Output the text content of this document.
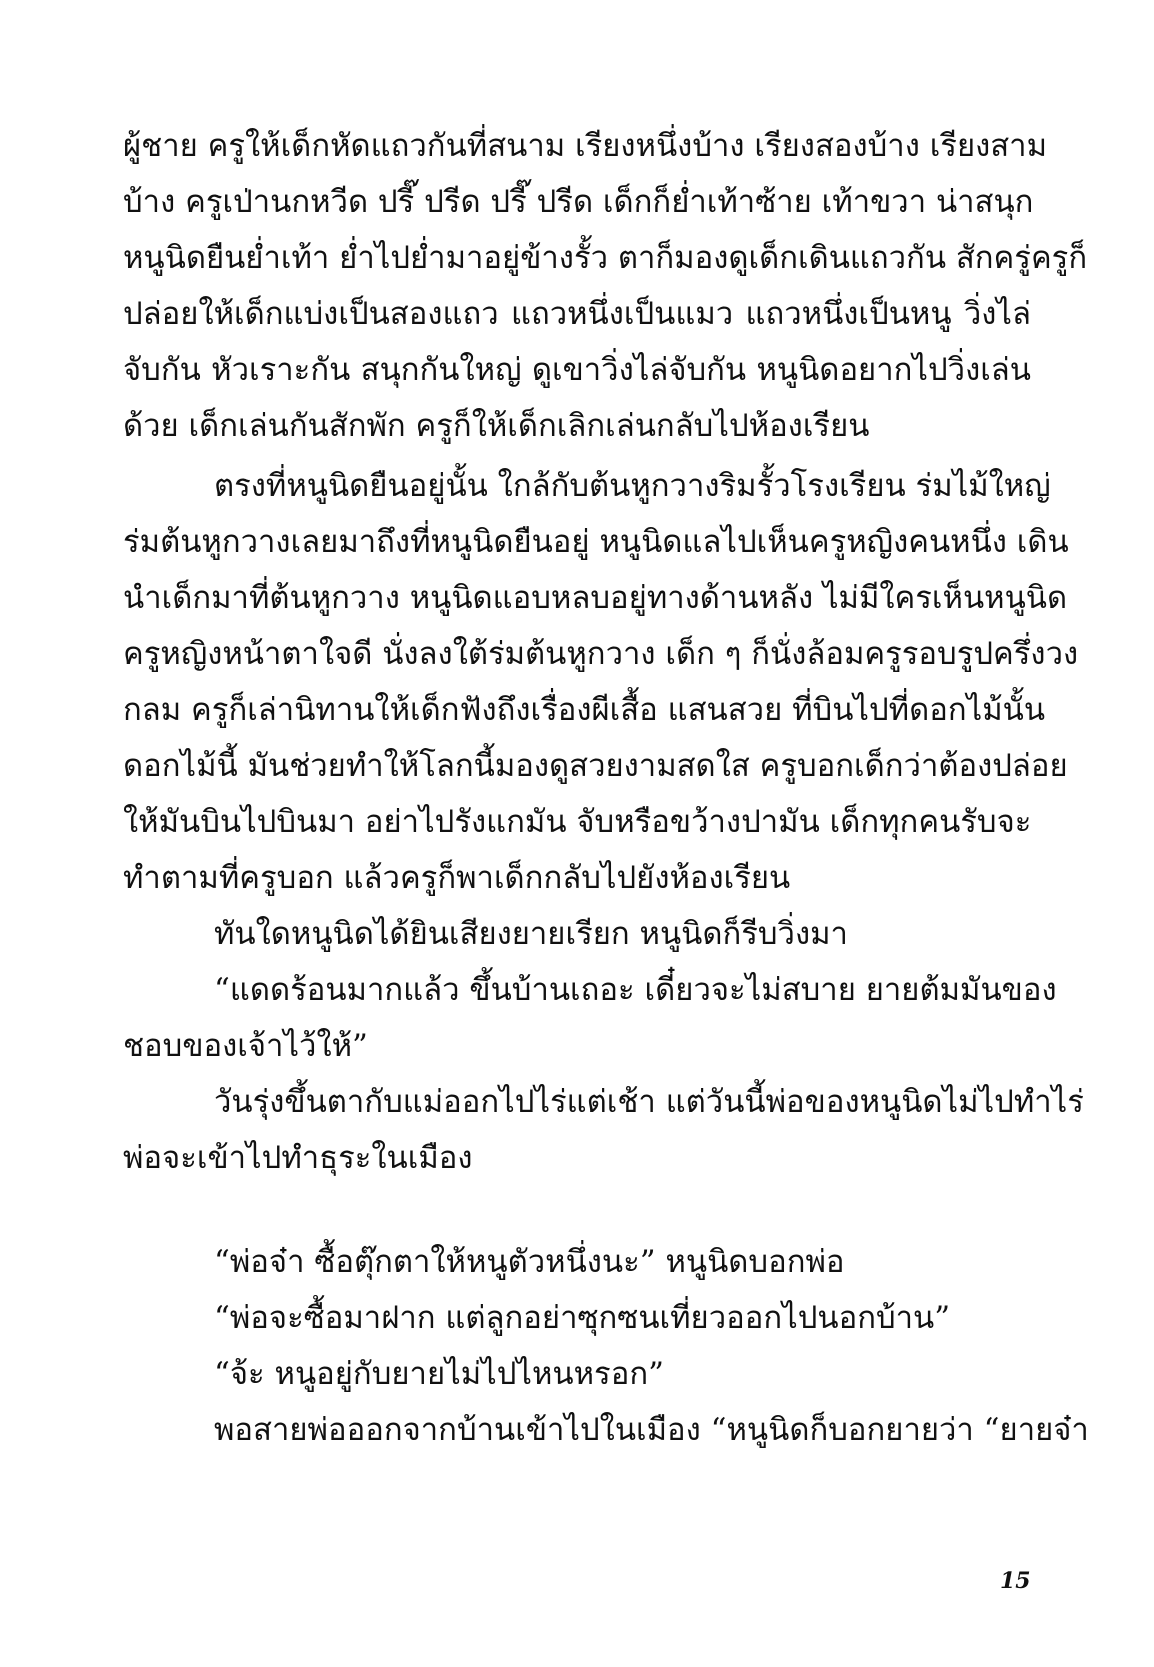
ผู้ชาย ครูให้เด็กหัดแถวกันที่สนาม เรียงหนึ่งบ้าง เรียงสองบ้าง เรียงสาม
บ้าง ครูเป่านกหวีด ปรี๊ ปรีด ปรี๊ ปรีด เด็กก็ย่ำเท้าซ้าย เท้าขวา น่าสนุก
หนูนิดยืนย่ำเท้า ย่ำไปย่ำมาอยู่ข้างรั้ว ตาก็มองดูเด็กเดินแถวกัน สักครู่ครูก็
ปล่อยให้เด็กแบ่งเป็นสองแถว แถวหนึ่งเป็นแมว แถวหนึ่งเป็นหนู วิ่งไล่
จับกัน หัวเราะกัน สนุกกันใหญ่ ดูเขาวิ่งไล่จับกัน หนูนิดอยากไปวิ่งเล่น
ด้วย เด็กเล่นกันสักพัก ครูก็ให้เด็กเลิกเล่นกลับไปห้องเรียน
ตรงที่หนูนิดยืนอยู่นั้น ใกล้กับต้นหูกวางริมรั้วโรงเรียน ร่มไม้ใหญ่
ร่มต้นหูกวางเลยมาถึงที่หนูนิดยืนอยู่ หนูนิดแลไปเห็นครูหญิงคนหนึ่ง เดิน
นำเด็กมาที่ต้นหูกวาง หนูนิดแอบหลบอยู่ทางด้านหลัง ไม่มีใครเห็นหนูนิด
ครูหญิงหน้าตาใจดี นั่งลงใต้ร่มต้นหูกวาง เด็ก ๆ ก็นั่งล้อมครูรอบรูปครึ่งวง
กลม ครูก็เล่านิทานให้เด็กฟังถึงเรื่องผีเสื้อ แสนสวย ที่บินไปที่ดอกไม้นั้น
ดอกไม้นี้ มันช่วยทำให้โลกนี้มองดูสวยงามสดใส ครูบอกเด็กว่าต้องปล่อย
ให้มันบินไปบินมา อย่าไปรังแกมัน จับหรือขว้างปามัน เด็กทุกคนรับจะ
ทำตามที่ครูบอก แล้วครูก็พาเด็กกลับไปยังห้องเรียน
ทันใดหนูนิดได้ยินเสียงยายเรียก หนูนิดก็รีบวิ่งมา
“แดดร้อนมากแล้ว ขึ้นบ้านเถอะ เดี๋ยวจะไม่สบาย ยายต้มมันของ
ชอบของเจ้าไว้ให้”
วันรุ่งขึ้นตากับแม่ออกไปไร่แต่เช้า แต่วันนี้พ่อของหนูนิดไม่ไปทำไร่
พ่อจะเข้าไปทำธุระในเมือง
“พ่อจ๋า ซื้อตุ๊กตาให้หนูตัวหนึ่งนะ” หนูนิดบอกพ่อ
“พ่อจะซื้อมาฝาก แต่ลูกอย่าซุกซนเที่ยวออกไปนอกบ้าน”
“จ้ะ หนูอยู่กับยายไม่ไปไหนหรอก”
พอสายพ่อออกจากบ้านเข้าไปในเมือง “หนูนิดก็บอกยายว่า “ยายจ๋า
15
